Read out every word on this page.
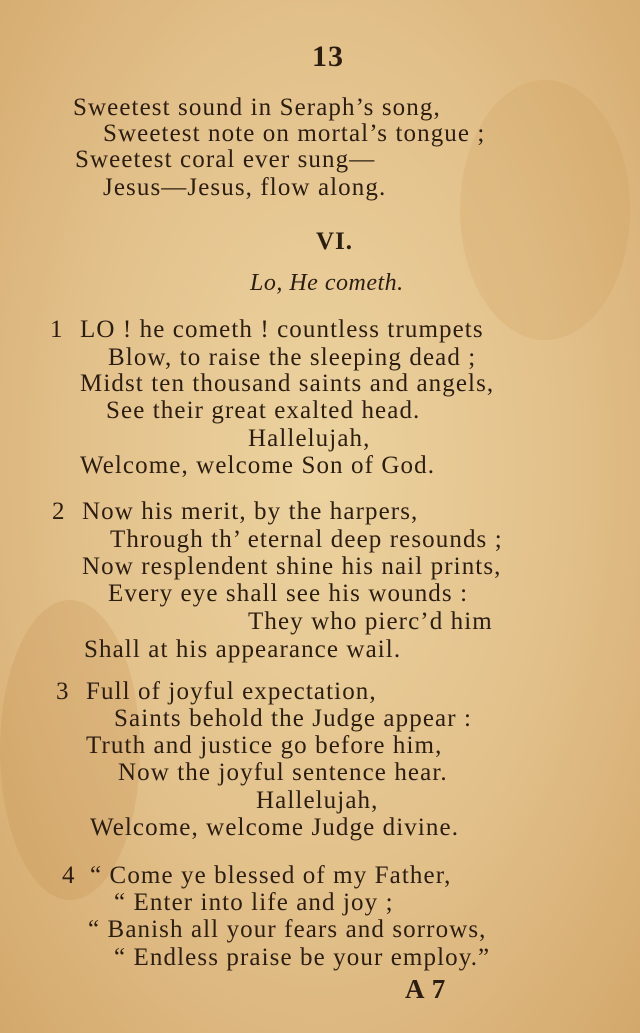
13
Sweetest sound in Seraph’s song,
Sweetest note on mortal’s tongue ;
Sweetest coral ever sung—
Jesus—Jesus, flow along.
VI.
Lo, He cometh.
1 LO ! he cometh ! countless trumpets
Blow, to raise the sleeping dead ;
Midst ten thousand saints and angels,
See their great exalted head.
Hallelujah,
Welcome, welcome Son of God.
2 Now his merit, by the harpers,
Through th’ eternal deep resounds ;
Now resplendent shine his nail prints,
Every eye shall see his wounds :
They who pierc’d him
Shall at his appearance wail.
3 Full of joyful expectation,
Saints behold the Judge appear :
Truth and justice go before him,
Now the joyful sentence hear.
Hallelujah,
Welcome, welcome Judge divine.
4 “ Come ye blessed of my Father,
“ Enter into life and joy ;
“ Banish all your fears and sorrows,
“ Endless praise be your employ.”
A 7
